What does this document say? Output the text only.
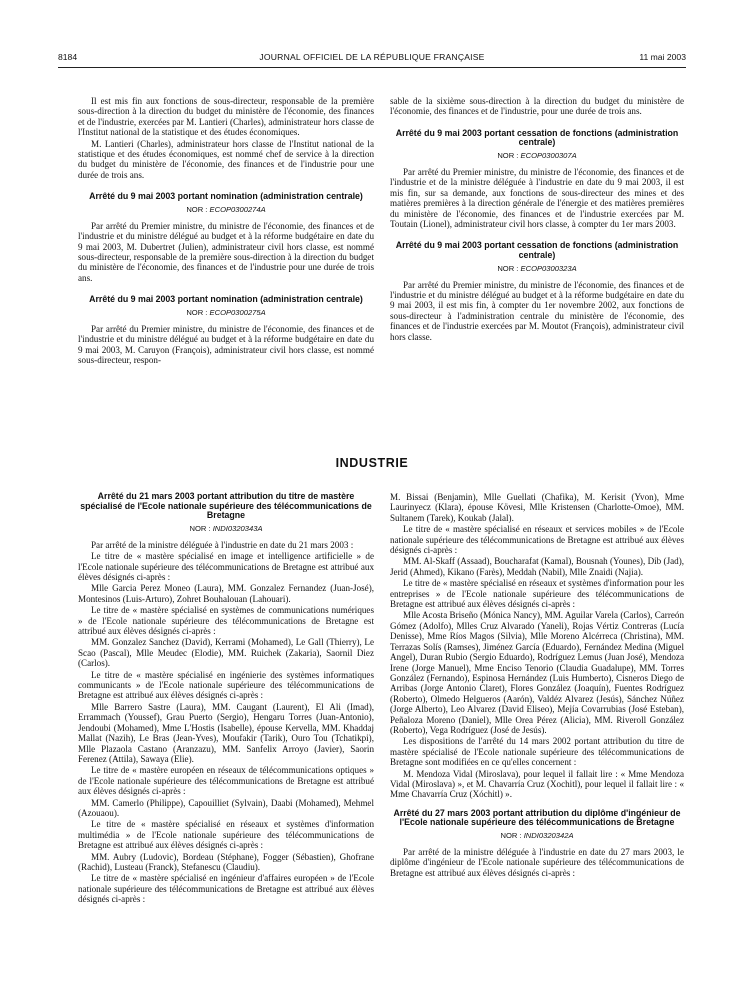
8184	JOURNAL OFFICIEL DE LA RÉPUBLIQUE FRANÇAISE	11 mai 2003

Il est mis fin aux fonctions de sous-directeur, responsable de la première sous-direction à la direction du budget du ministère de l'économie, des finances et de l'industrie, exercées par M. Lantieri (Charles), administrateur hors classe de l'Institut national de la statistique et des études économiques.

M. Lantieri (Charles), administrateur hors classe de l'Institut national de la statistique et des études économiques, est nommé chef de service à la direction du budget du ministère de l'économie, des finances et de l'industrie pour une durée de trois ans.

Arrêté du 9 mai 2003 portant nomination (administration centrale)

NOR : ECOP0300274A

Par arrêté du Premier ministre, du ministre de l'économie, des finances et de l'industrie et du ministre délégué au budget et à la réforme budgétaire en date du 9 mai 2003, M. Dubertret (Julien), administrateur civil hors classe, est nommé sous-directeur, responsable de la première sous-direction à la direction du budget du ministère de l'économie, des finances et de l'industrie pour une durée de trois ans.

Arrêté du 9 mai 2003 portant nomination (administration centrale)

NOR : ECOP0300275A

Par arrêté du Premier ministre, du ministre de l'économie, des finances et de l'industrie et du ministre délégué au budget et à la réforme budgétaire en date du 9 mai 2003, M. Caruyon (François), administrateur civil hors classe, est nommé sous-directeur, respon-

sable de la sixième sous-direction à la direction du budget du ministère de l'économie, des finances et de l'industrie, pour une durée de trois ans.

Arrêté du 9 mai 2003 portant cessation de fonctions (administration centrale)

NOR : ECOP0300307A

Par arrêté du Premier ministre, du ministre de l'économie, des finances et de l'industrie et de la ministre déléguée à l'industrie en date du 9 mai 2003, il est mis fin, sur sa demande, aux fonctions de sous-directeur des mines et des matières premières à la direction générale de l'énergie et des matières premières du ministère de l'économie, des finances et de l'industrie exercées par M. Toutain (Lionel), administrateur civil hors classe, à compter du 1er mars 2003.

Arrêté du 9 mai 2003 portant cessation de fonctions (administration centrale)

NOR : ECOP0300323A

Par arrêté du Premier ministre, du ministre de l'économie, des finances et de l'industrie et du ministre délégué au budget et à la réforme budgétaire en date du 9 mai 2003, il est mis fin, à compter du 1er novembre 2002, aux fonctions de sous-directeur à l'administration centrale du ministère de l'économie, des finances et de l'industrie exercées par M. Moutot (François), administrateur civil hors classe.

INDUSTRIE

Arrêté du 21 mars 2003 portant attribution du titre de mastère spécialisé de l'Ecole nationale supérieure des télécommunications de Bretagne

NOR : INDI0320343A

Par arrêté de la ministre déléguée à l'industrie en date du 21 mars 2003 :

Le titre de « mastère spécialisé en image et intelligence artificielle » de l'Ecole nationale supérieure des télécommunications de Bretagne est attribué aux élèves désignés ci-après :

Mlle Garcia Perez Moneo (Laura), MM. Gonzalez Fernandez (Juan-José), Montesinos (Luis-Arturo), Zohret Bouhalouan (Lahouari).

Le titre de « mastère spécialisé en systèmes de communications numériques » de l'Ecole nationale supérieure des télécommunications de Bretagne est attribué aux élèves désignés ci-après :

MM. Gonzalez Sanchez (David), Kerrami (Mohamed), Le Gall (Thierry), Le Scao (Pascal), Mlle Meudec (Elodie), MM. Ruichek (Zakaria), Saornil Diez (Carlos).

Le titre de « mastère spécialisé en ingénierie des systèmes informatiques communicants » de l'Ecole nationale supérieure des télécommunications de Bretagne est attribué aux élèves désignés ci-après :

Mlle Barrero Sastre (Laura), MM. Caugant (Laurent), El Ali (Imad), Errammach (Youssef), Grau Puerto (Sergio), Hengaru Torres (Juan-Antonio), Jendoubi (Mohamed), Mme L'Hostis (Isabelle), épouse Kervella, MM. Khaddaj Mallat (Nazih), Le Bras (Jean-Yves), Moufakir (Tarik), Ouro Tou (Tchatikpi), Mlle Plazaola Castano (Aranzazu), MM. Sanfelix Arroyo (Javier), Saorin Ferenez (Attila), Sawaya (Elie).

Le titre de « mastère européen en réseaux de télécommunications optiques » de l'Ecole nationale supérieure des télécommunications de Bretagne est attribué aux élèves désignés ci-après :

MM. Camerlo (Philippe), Capouilliet (Sylvain), Daabi (Mohamed), Mehmel (Azouaou).

Le titre de « mastère spécialisé en réseaux et systèmes d'information multimédia » de l'Ecole nationale supérieure des télécommunications de Bretagne est attribué aux élèves désignés ci-après :

MM. Aubry (Ludovic), Bordeau (Stéphane), Fogger (Sébastien), Ghofrane (Rachid), Lusteau (Franck), Stefanescu (Claudiu).

Le titre de « mastère spécialisé en ingénieur d'affaires européen » de l'Ecole nationale supérieure des télécommunications de Bretagne est attribué aux élèves désignés ci-après :

M. Bissai (Benjamin), Mlle Guellati (Chafika), M. Kerisit (Yvon), Mme Laurinyecz (Klara), épouse Kövesi, Mlle Kristensen (Charlotte-Omoe), MM. Sultanem (Tarek), Koukab (Jalal).

Le titre de « mastère spécialisé en réseaux et services mobiles » de l'Ecole nationale supérieure des télécommunications de Bretagne est attribué aux élèves désignés ci-après :

MM. Al-Skaff (Assaad), Boucharafat (Kamal), Bousnah (Younes), Dib (Jad), Jerid (Ahmed), Kikano (Farès), Meddah (Nabil), Mlle Znaidi (Najia).

Le titre de « mastère spécialisé en réseaux et systèmes d'information pour les entreprises » de l'Ecole nationale supérieure des télécommunications de Bretagne est attribué aux élèves désignés ci-après :

Mlle Acosta Briseño (Mónica Nancy), MM. Aguilar Varela (Carlos), Carreón Gómez (Adolfo), Mlles Cruz Alvarado (Yaneli), Rojas Vértiz Contreras (Lucía Denisse), Mme Ríos Magos (Silvia), Mlle Moreno Alcérreca (Christina), MM. Terrazas Solís (Ramses), Jiménez García (Eduardo), Fernández Medina (Miguel Angel), Duran Rubio (Sergio Eduardo), Rodríguez Lemus (Juan José), Mendoza Irene (Jorge Manuel), Mme Enciso Tenorio (Claudia Guadalupe), MM. Torres González (Fernando), Espinosa Hernández (Luis Humberto), Cisneros Diego de Arribas (Jorge Antonio Claret), Flores González (Joaquín), Fuentes Rodríguez (Roberto), Olmedo Helgueros (Aarón), Valdéz Alvarez (Jesús), Sánchez Núñez (Jorge Alberto), Leo Alvarez (David Eliseo), Mejía Covarrubias (José Esteban), Peñaloza Moreno (Daniel), Mlle Orea Pérez (Alicia), MM. Riveroll González (Roberto), Vega Rodríguez (José de Jesús).

Les dispositions de l'arrêté du 14 mars 2002 portant attribution du titre de mastère spécialisé de l'Ecole nationale supérieure des télécommunications de Bretagne sont modifiées en ce qu'elles concernent :

M. Mendoza Vidal (Miroslava), pour lequel il fallait lire : « Mme Mendoza Vidal (Miroslava) », et M. Chavarría Cruz (Xochitl), pour lequel il fallait lire : « Mme Chavarría Cruz (Xóchitl) ».

Arrêté du 27 mars 2003 portant attribution du diplôme d'ingénieur de l'Ecole nationale supérieure des télécommunications de Bretagne

NOR : INDI0320342A

Par arrêté de la ministre déléguée à l'industrie en date du 27 mars 2003, le diplôme d'ingénieur de l'Ecole nationale supérieure des télécommunications de Bretagne est attribué aux élèves désignés ci-après :
